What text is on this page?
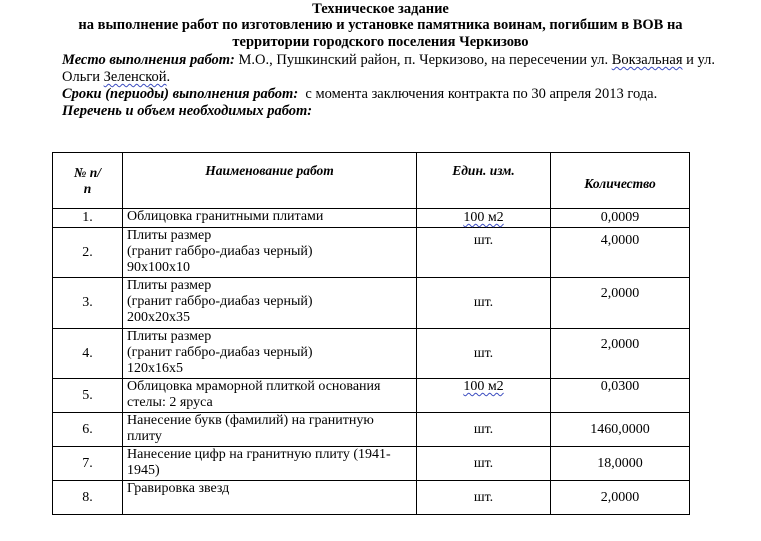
Техническое задание
на выполнение работ по изготовлению и установке памятника воинам, погибшим в ВОВ на
территории городского поселения Черкизово
Место выполнения работ: М.О., Пушкинский район, п. Черкизово, на пересечении ул. Вокзальная и ул.
Ольги Зеленской.
Сроки (периоды) выполнения работ:  с момента заключения контракта по 30 апреля 2013 года.
Перечень и объем необходимых работ:
№ п/п	Наименование работ	Един. изм.	Количество
1.	Облицовка гранитными плитами	100 м2	0,0009
2.	Плиты размер
(гранит габбро-диабаз черный)
90х100х10	шт.	4,0000
3.	Плиты размер
(гранит габбро-диабаз черный)
200х20х35	шт.	2,0000
4.	Плиты размер
(гранит габбро-диабаз черный)
120х16х5	шт.	2,0000
5.	Облицовка мраморной плиткой основания стелы: 2 яруса	100 м2	0,0300
6.	Нанесение букв (фамилий) на гранитную плиту	шт.	1460,0000
7.	Нанесение цифр на гранитную плиту (1941-1945)	шт.	18,0000
8.	Гравировка звезд	шт.	2,0000
